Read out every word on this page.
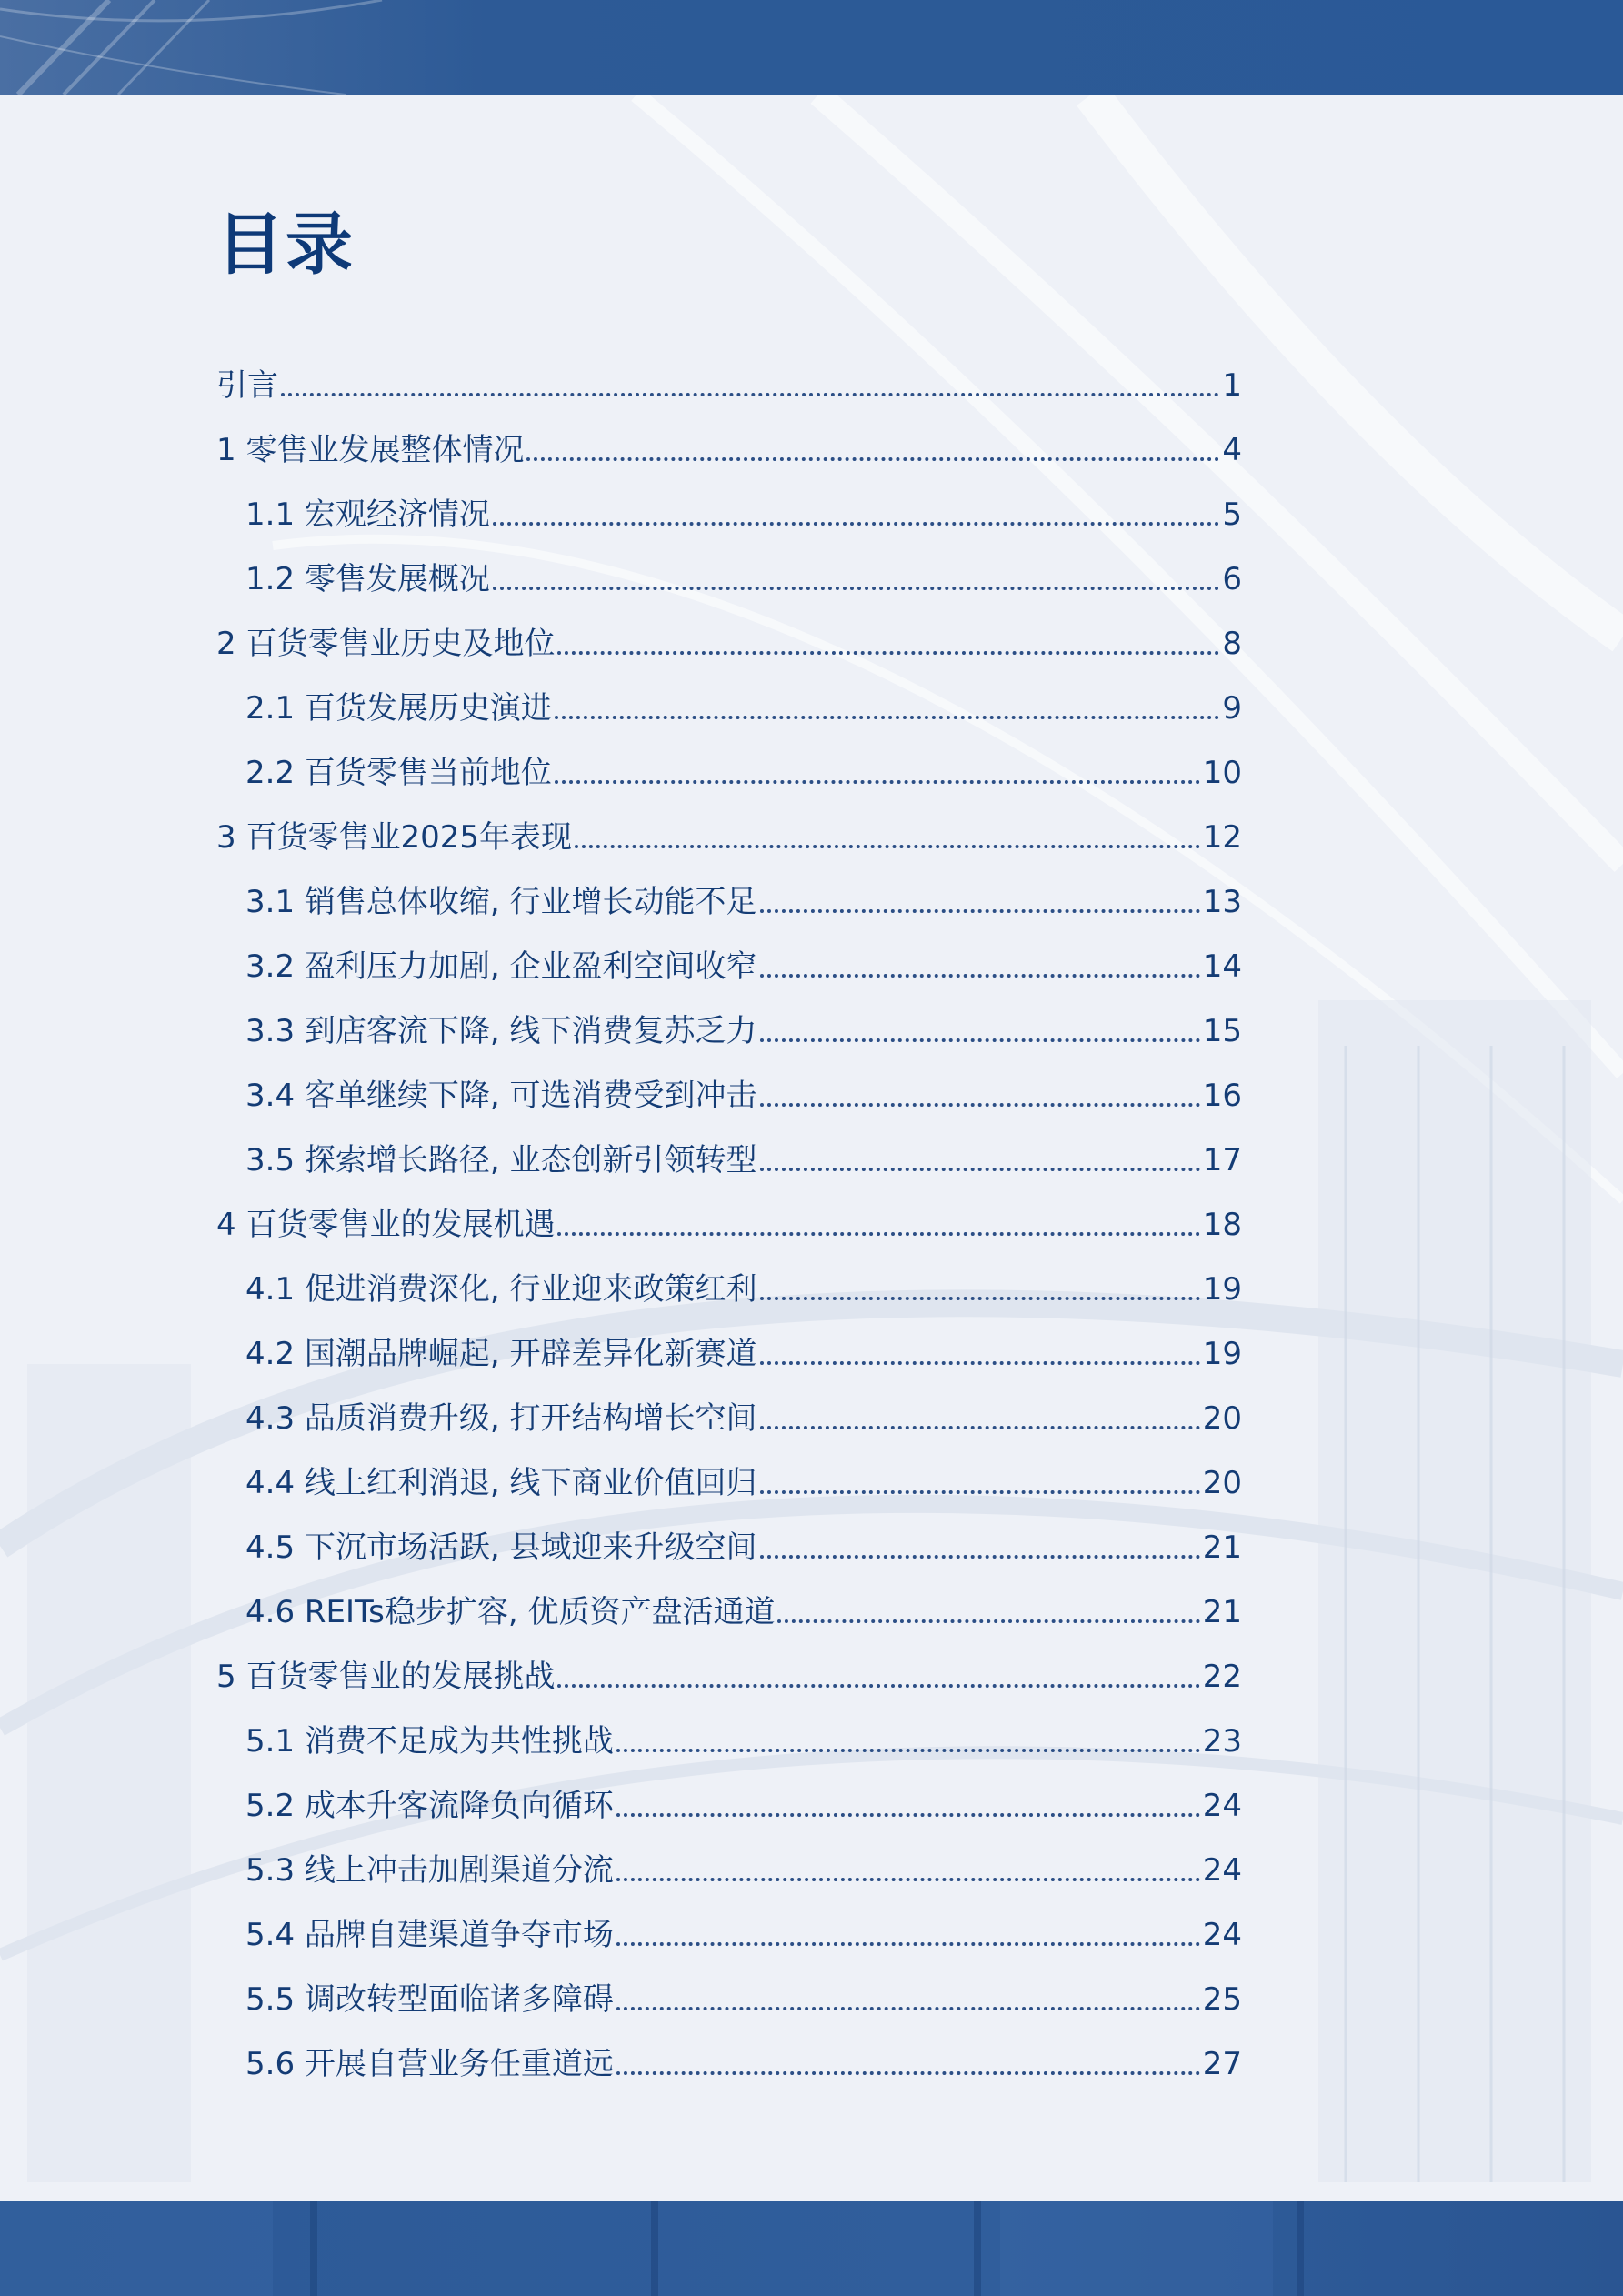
目录
引言	1
1 零售业发展整体情况	4
1.1 宏观经济情况	5
1.2 零售发展概况	6
2 百货零售业历史及地位	8
2.1 百货发展历史演进	9
2.2 百货零售当前地位	10
3 百货零售业2025年表现	12
3.1 销售总体收缩, 行业增长动能不足	13
3.2 盈利压力加剧, 企业盈利空间收窄	14
3.3 到店客流下降, 线下消费复苏乏力	15
3.4 客单继续下降, 可选消费受到冲击	16
3.5 探索增长路径, 业态创新引领转型	17
4 百货零售业的发展机遇	18
4.1 促进消费深化, 行业迎来政策红利	19
4.2 国潮品牌崛起, 开辟差异化新赛道	19
4.3 品质消费升级, 打开结构增长空间	20
4.4 线上红利消退, 线下商业价值回归	20
4.5 下沉市场活跃, 县域迎来升级空间	21
4.6 REITs稳步扩容, 优质资产盘活通道	21
5 百货零售业的发展挑战	22
5.1 消费不足成为共性挑战	23
5.2 成本升客流降负向循环	24
5.3 线上冲击加剧渠道分流	24
5.4 品牌自建渠道争夺市场	24
5.5 调改转型面临诸多障碍	25
5.6 开展自营业务任重道远	27
